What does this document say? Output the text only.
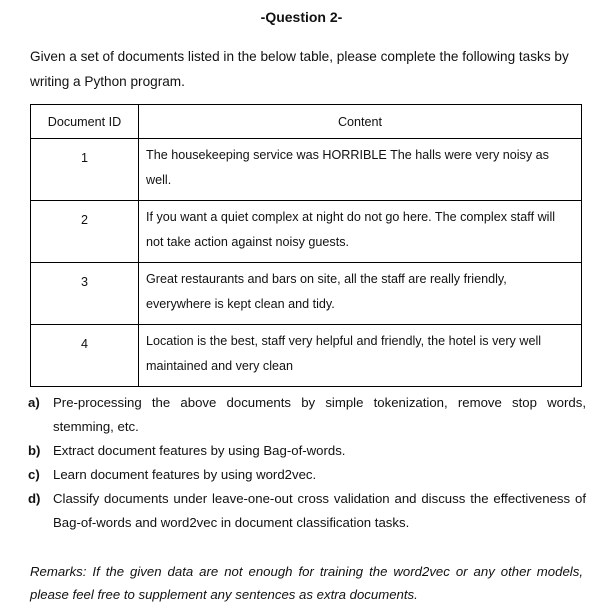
-Question 2-
Given a set of documents listed in the below table, please complete the following tasks by writing a Python program.
Document ID	Content
1	The housekeeping service was HORRIBLE The halls were very noisy as well.
2	If you want a quiet complex at night do not go here. The complex staff will not take action against noisy guests.
3	Great restaurants and bars on site, all the staff are really friendly, everywhere is kept clean and tidy.
4	Location is the best, staff very helpful and friendly, the hotel is very well maintained and very clean
a) Pre-processing the above documents by simple tokenization, remove stop words, stemming, etc.
b) Extract document features by using Bag-of-words.
c) Learn document features by using word2vec.
d) Classify documents under leave-one-out cross validation and discuss the effectiveness of Bag-of-words and word2vec in document classification tasks.
Remarks: If the given data are not enough for training the word2vec or any other models, please feel free to supplement any sentences as extra documents.
